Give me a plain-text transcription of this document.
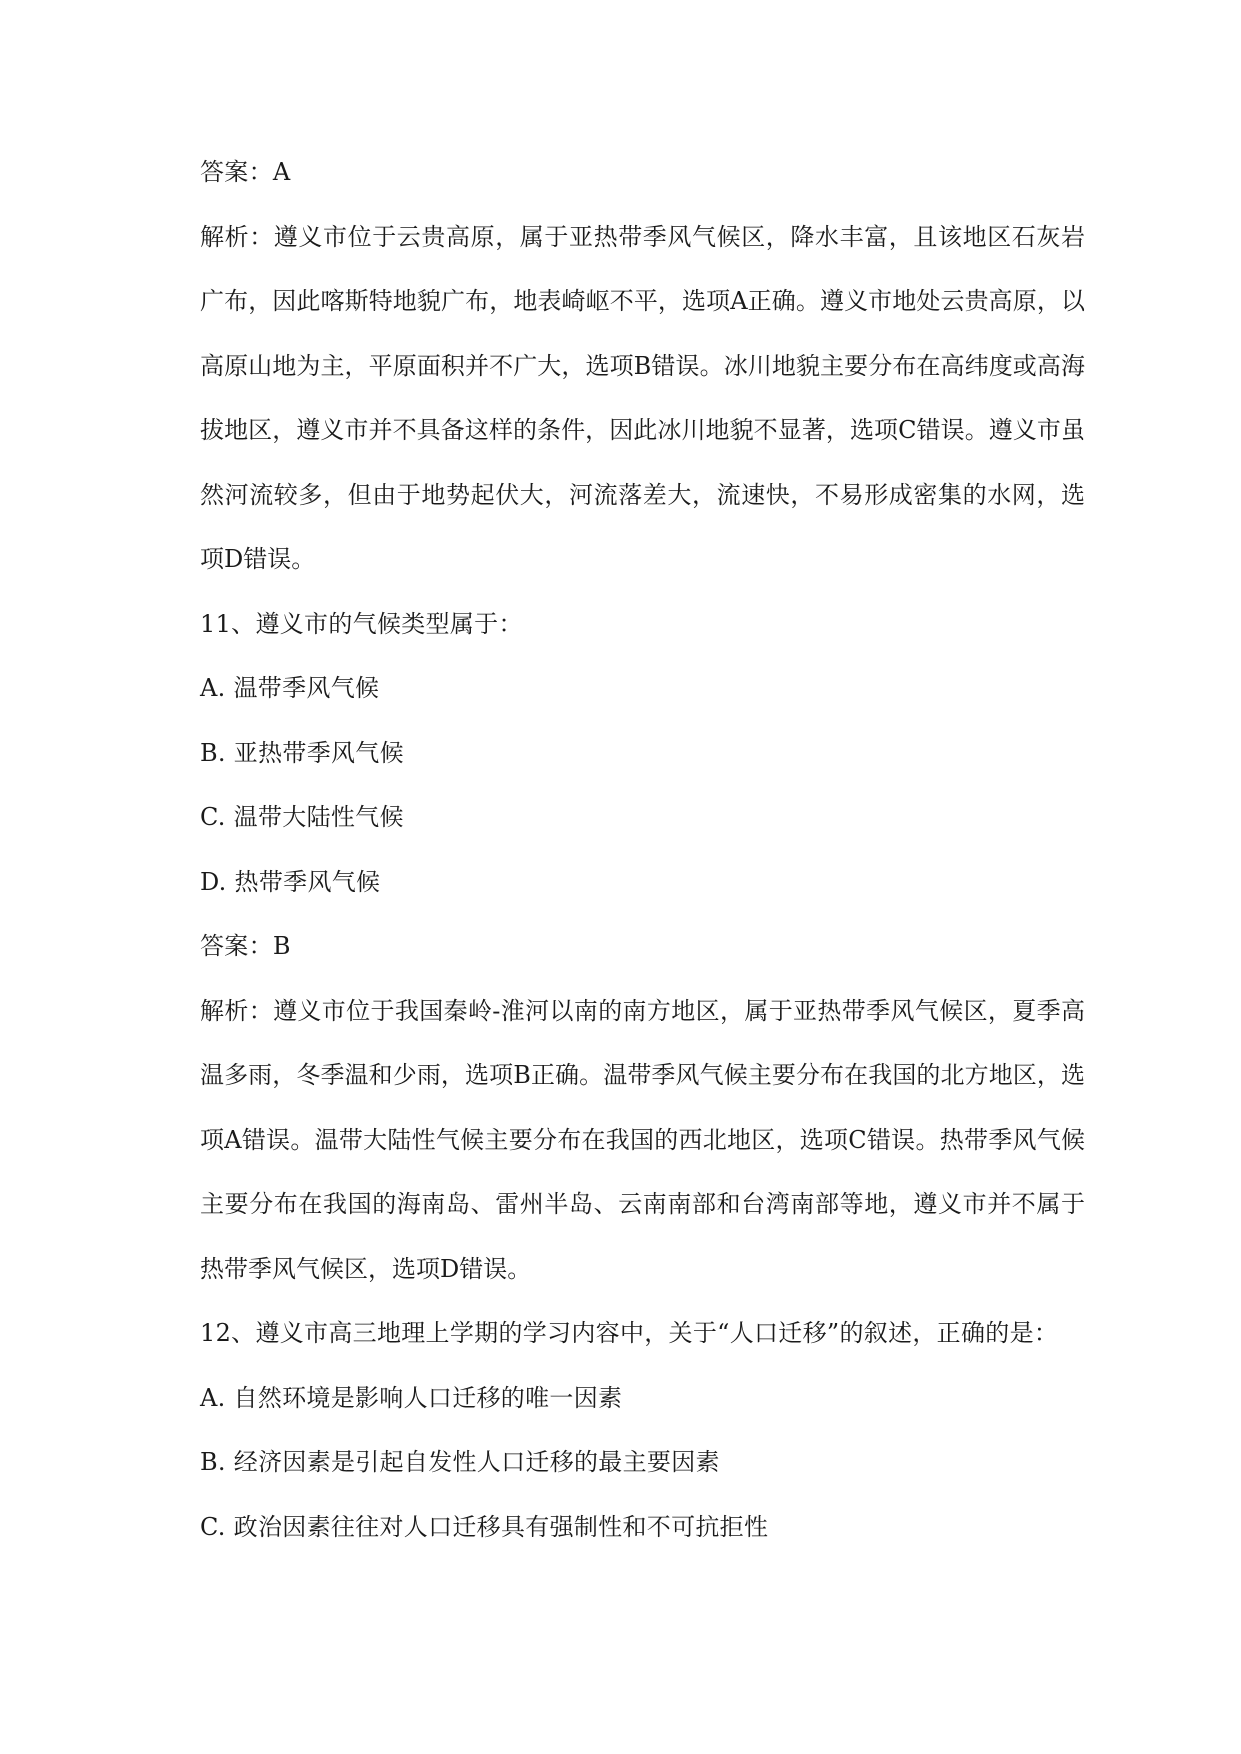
答案：A
解析：遵义市位于云贵高原，属于亚热带季风气候区，降水丰富，且该地区石灰岩广布，因此喀斯特地貌广布，地表崎岖不平，选项A正确。遵义市地处云贵高原，以高原山地为主，平原面积并不广大，选项B错误。冰川地貌主要分布在高纬度或高海拔地区，遵义市并不具备这样的条件，因此冰川地貌不显著，选项C错误。遵义市虽然河流较多，但由于地势起伏大，河流落差大，流速快，不易形成密集的水网，选项D错误。
11、遵义市的气候类型属于：
A. 温带季风气候
B. 亚热带季风气候
C. 温带大陆性气候
D. 热带季风气候
答案：B
解析：遵义市位于我国秦岭-淮河以南的南方地区，属于亚热带季风气候区，夏季高温多雨，冬季温和少雨，选项B正确。温带季风气候主要分布在我国的北方地区，选项A错误。温带大陆性气候主要分布在我国的西北地区，选项C错误。热带季风气候主要分布在我国的海南岛、雷州半岛、云南南部和台湾南部等地，遵义市并不属于热带季风气候区，选项D错误。
12、遵义市高三地理上学期的学习内容中，关于“人口迁移”的叙述，正确的是：
A. 自然环境是影响人口迁移的唯一因素
B. 经济因素是引起自发性人口迁移的最主要因素
C. 政治因素往往对人口迁移具有强制性和不可抗拒性
